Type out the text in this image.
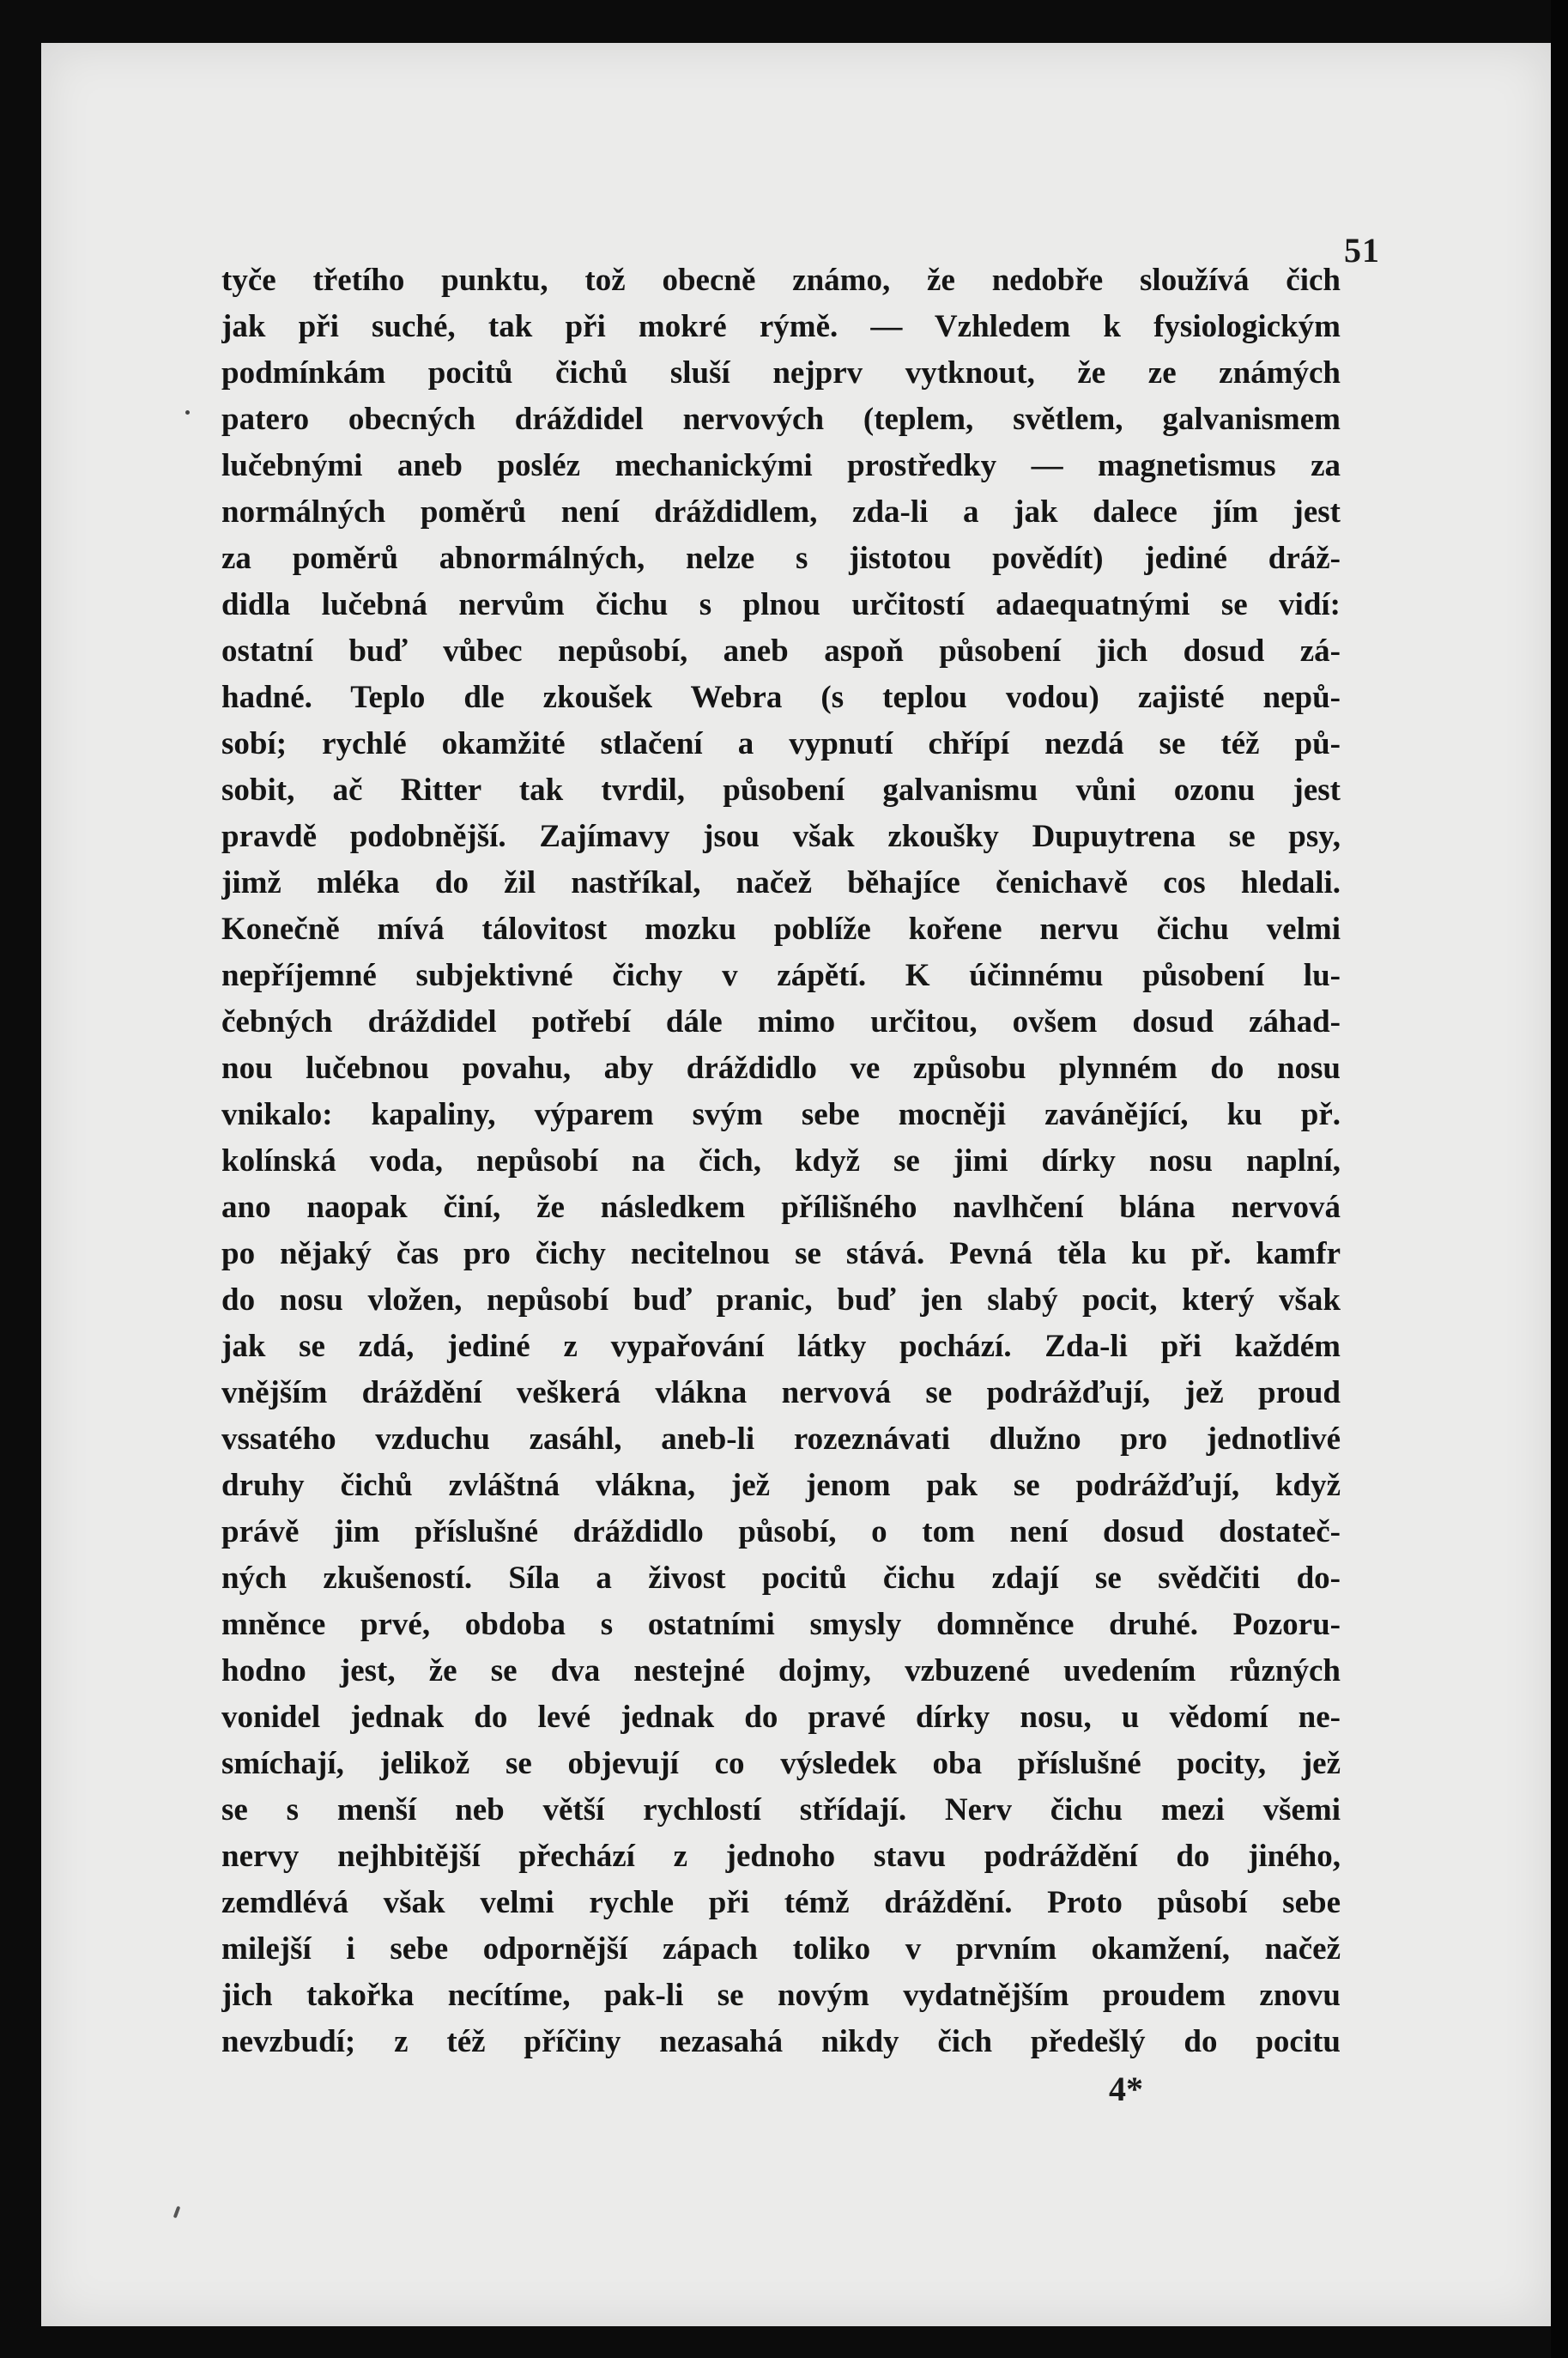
51
tyče třetího punktu, tož obecně známo, že nedobře sloužívá čich
jak při suché, tak při mokré rýmě. — Vzhledem k fysiologickým
podmínkám pocitů čichů sluší nejprv vytknout, že ze známých
patero obecných dráždidel nervových (teplem, světlem, galvanismem
lučebnými aneb posléz mechanickými prostředky — magnetismus za
normálných poměrů není dráždidlem, zda-li a jak dalece jím jest
za poměrů abnormálných, nelze s jistotou povědít) jediné dráž-
didla lučebná nervům čichu s plnou určitostí adaequatnými se vidí:
ostatní buď vůbec nepůsobí, aneb aspoň působení jich dosud zá-
hadné. Teplo dle zkoušek Webra (s teplou vodou) zajisté nepů-
sobí; rychlé okamžité stlačení a vypnutí chřípí nezdá se též pů-
sobit, ač Ritter tak tvrdil, působení galvanismu vůni ozonu jest
pravdě podobnější. Zajímavy jsou však zkoušky Dupuytrena se psy,
jimž mléka do žil nastříkal, načež běhajíce čenichavě cos hledali.
Konečně mívá tálovitost mozku poblíže kořene nervu čichu velmi
nepříjemné subjektivné čichy v zápětí. K účinnému působení lu-
čebných dráždidel potřebí dále mimo určitou, ovšem dosud záhad-
nou lučebnou povahu, aby dráždidlo ve způsobu plynném do nosu
vnikalo: kapaliny, výparem svým sebe mocněji zavánějící, ku př.
kolínská voda, nepůsobí na čich, když se jimi dírky nosu naplní,
ano naopak činí, že následkem přílišného navlhčení blána nervová
po nějaký čas pro čichy necitelnou se stává. Pevná těla ku př. kamfr
do nosu vložen, nepůsobí buď pranic, buď jen slabý pocit, který však
jak se zdá, jediné z vypařování látky pochází. Zda-li při každém
vnějším dráždění veškerá vlákna nervová se podrážďují, jež proud
vssatého vzduchu zasáhl, aneb-li rozeznávati dlužno pro jednotlivé
druhy čichů zvláštná vlákna, jež jenom pak se podrážďují, když
právě jim příslušné dráždidlo působí, o tom není dosud dostateč-
ných zkušeností. Síla a živost pocitů čichu zdají se svědčiti do-
mněnce prvé, obdoba s ostatními smysly domněnce druhé. Pozoru-
hodno jest, že se dva nestejné dojmy, vzbuzené uvedením různých
vonidel jednak do levé jednak do pravé dírky nosu, u vědomí ne-
smíchají, jelikož se objevují co výsledek oba příslušné pocity, jež
se s menší neb větší rychlostí střídají. Nerv čichu mezi všemi
nervy nejhbitější přechází z jednoho stavu podráždění do jiného,
zemdlévá však velmi rychle při témž dráždění. Proto působí sebe
milejší i sebe odpornější zápach toliko v prvním okamžení, načež
jich takořka necítíme, pak-li se novým vydatnějším proudem znovu
nevzbudí; z též příčiny nezasahá nikdy čich předešlý do pocitu
4*
